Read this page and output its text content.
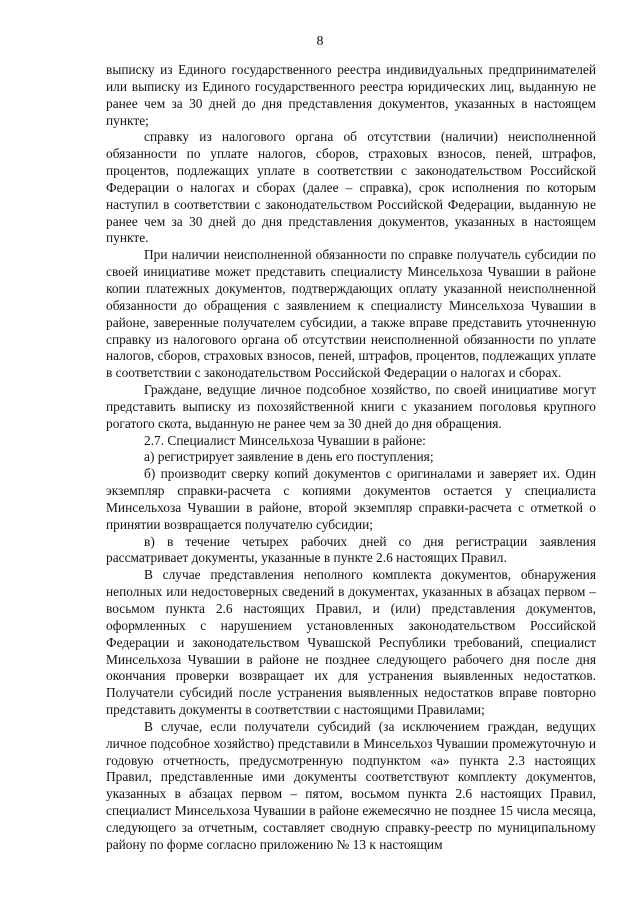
8

выписку из Единого государственного реестра индивидуальных предпринимателей или выписку из Единого государственного реестра юридических лиц, выданную не ранее чем за 30 дней до дня представления документов, указанных в настоящем пункте;

справку из налогового органа об отсутствии (наличии) неисполненной обязанности по уплате налогов, сборов, страховых взносов, пеней, штрафов, процентов, подлежащих уплате в соответствии с законодательством Российской Федерации о налогах и сборах (далее – справка), срок исполнения по которым наступил в соответствии с законодательством Российской Федерации, выданную не ранее чем за 30 дней до дня представления документов, указанных в настоящем пункте.

При наличии неисполненной обязанности по справке получатель субсидии по своей инициативе может представить специалисту Минсельхоза Чувашии в районе копии платежных документов, подтверждающих оплату указанной неисполненной обязанности до обращения с заявлением к специалисту Минсельхоза Чувашии в районе, заверенные получателем субсидии, а также вправе представить уточненную справку из налогового органа об отсутствии неисполненной обязанности по уплате налогов, сборов, страховых взносов, пеней, штрафов, процентов, подлежащих уплате в соответствии с законодательством Российской Федерации о налогах и сборах.

Граждане, ведущие личное подсобное хозяйство, по своей инициативе могут представить выписку из похозяйственной книги с указанием поголовья крупного рогатого скота, выданную не ранее чем за 30 дней до дня обращения.

2.7. Специалист Минсельхоза Чувашии в районе:

а) регистрирует заявление в день его поступления;

б) производит сверку копий документов с оригиналами и заверяет их. Один экземпляр справки-расчета с копиями документов остается у специалиста Минсельхоза Чувашии в районе, второй экземпляр справки-расчета с отметкой о принятии возвращается получателю субсидии;

в) в течение четырех рабочих дней со дня регистрации заявления рассматривает документы, указанные в пункте 2.6 настоящих Правил.

В случае представления неполного комплекта документов, обнаружения неполных или недостоверных сведений в документах, указанных в абзацах первом – восьмом пункта 2.6 настоящих Правил, и (или) представления документов, оформленных с нарушением установленных законодательством Российской Федерации и законодательством Чувашской Республики требований, специалист Минсельхоза Чувашии в районе не позднее следующего рабочего дня после дня окончания проверки возвращает их для устранения выявленных недостатков. Получатели субсидий после устранения выявленных недостатков вправе повторно представить документы в соответствии с настоящими Правилами;

В случае, если получатели субсидий (за исключением граждан, ведущих личное подсобное хозяйство) представили в Минсельхоз Чувашии промежуточную и годовую отчетность, предусмотренную подпунктом «а» пункта 2.3 настоящих Правил, представленные ими документы соответствуют комплекту документов, указанных в абзацах первом – пятом, восьмом пункта 2.6 настоящих Правил, специалист Минсельхоза Чувашии в районе ежемесячно не позднее 15 числа месяца, следующего за отчетным, составляет сводную справку-реестр по муниципальному району по форме согласно приложению № 13 к настоящим
